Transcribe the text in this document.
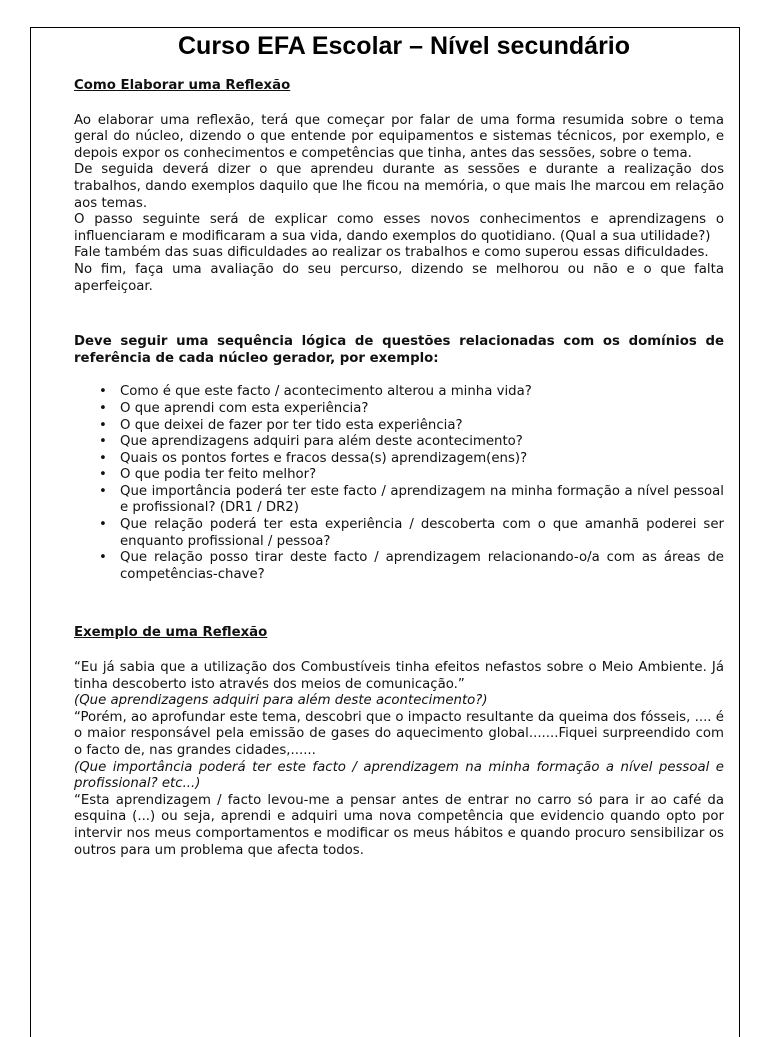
Curso EFA Escolar – Nível secundário

Como Elaborar uma Reflexão

Ao elaborar uma reflexão, terá que começar por falar de uma forma resumida sobre o tema geral do núcleo, dizendo o que entende por equipamentos e sistemas técnicos, por exemplo, e depois expor os conhecimentos e competências que tinha, antes das sessões, sobre o tema.

De seguida deverá dizer o que aprendeu durante as sessões e durante a realização dos trabalhos, dando exemplos daquilo que lhe ficou na memória, o que mais lhe marcou em relação aos temas.

O passo seguinte será de explicar como esses novos conhecimentos e aprendizagens o influenciaram e modificaram a sua vida, dando exemplos do quotidiano. (Qual a sua utilidade?)

Fale também das suas dificuldades ao realizar os trabalhos e como superou essas dificuldades.

No fim, faça uma avaliação do seu percurso, dizendo se melhorou ou não e o que falta aperfeiçoar.

Deve seguir uma sequência lógica de questões relacionadas com os domínios de referência de cada núcleo gerador, por exemplo:

• Como é que este facto / acontecimento alterou a minha vida?
• O que aprendi com esta experiência?
• O que deixei de fazer por ter tido esta experiência?
• Que aprendizagens adquiri para além deste acontecimento?
• Quais os pontos fortes e fracos dessa(s) aprendizagem(ens)?
• O que podia ter feito melhor?
• Que importância poderá ter este facto / aprendizagem na minha formação a nível pessoal e profissional? (DR1 / DR2)
• Que relação poderá ter esta experiência / descoberta com o que amanhã poderei ser enquanto profissional / pessoa?
• Que relação posso tirar deste facto / aprendizagem relacionando-o/a com as áreas de competências-chave?

Exemplo de uma Reflexão

“Eu já sabia que a utilização dos Combustíveis tinha efeitos nefastos sobre o Meio Ambiente. Já tinha descoberto isto através dos meios de comunicação.”

(Que aprendizagens adquiri para além deste acontecimento?)

“Porém, ao aprofundar este tema, descobri que o impacto resultante da queima dos fósseis, .... é o maior responsável pela emissão de gases do aquecimento global.......Fiquei surpreendido com o facto de, nas grandes cidades,......

(Que importância poderá ter este facto / aprendizagem na minha formação a nível pessoal e profissional? etc...)

“Esta aprendizagem / facto levou-me a pensar antes de entrar no carro só para ir ao café da esquina (...) ou seja, aprendi e adquiri uma nova competência que evidencio quando opto por intervir nos meus comportamentos e modificar os meus hábitos e quando procuro sensibilizar os outros para um problema que afecta todos.
